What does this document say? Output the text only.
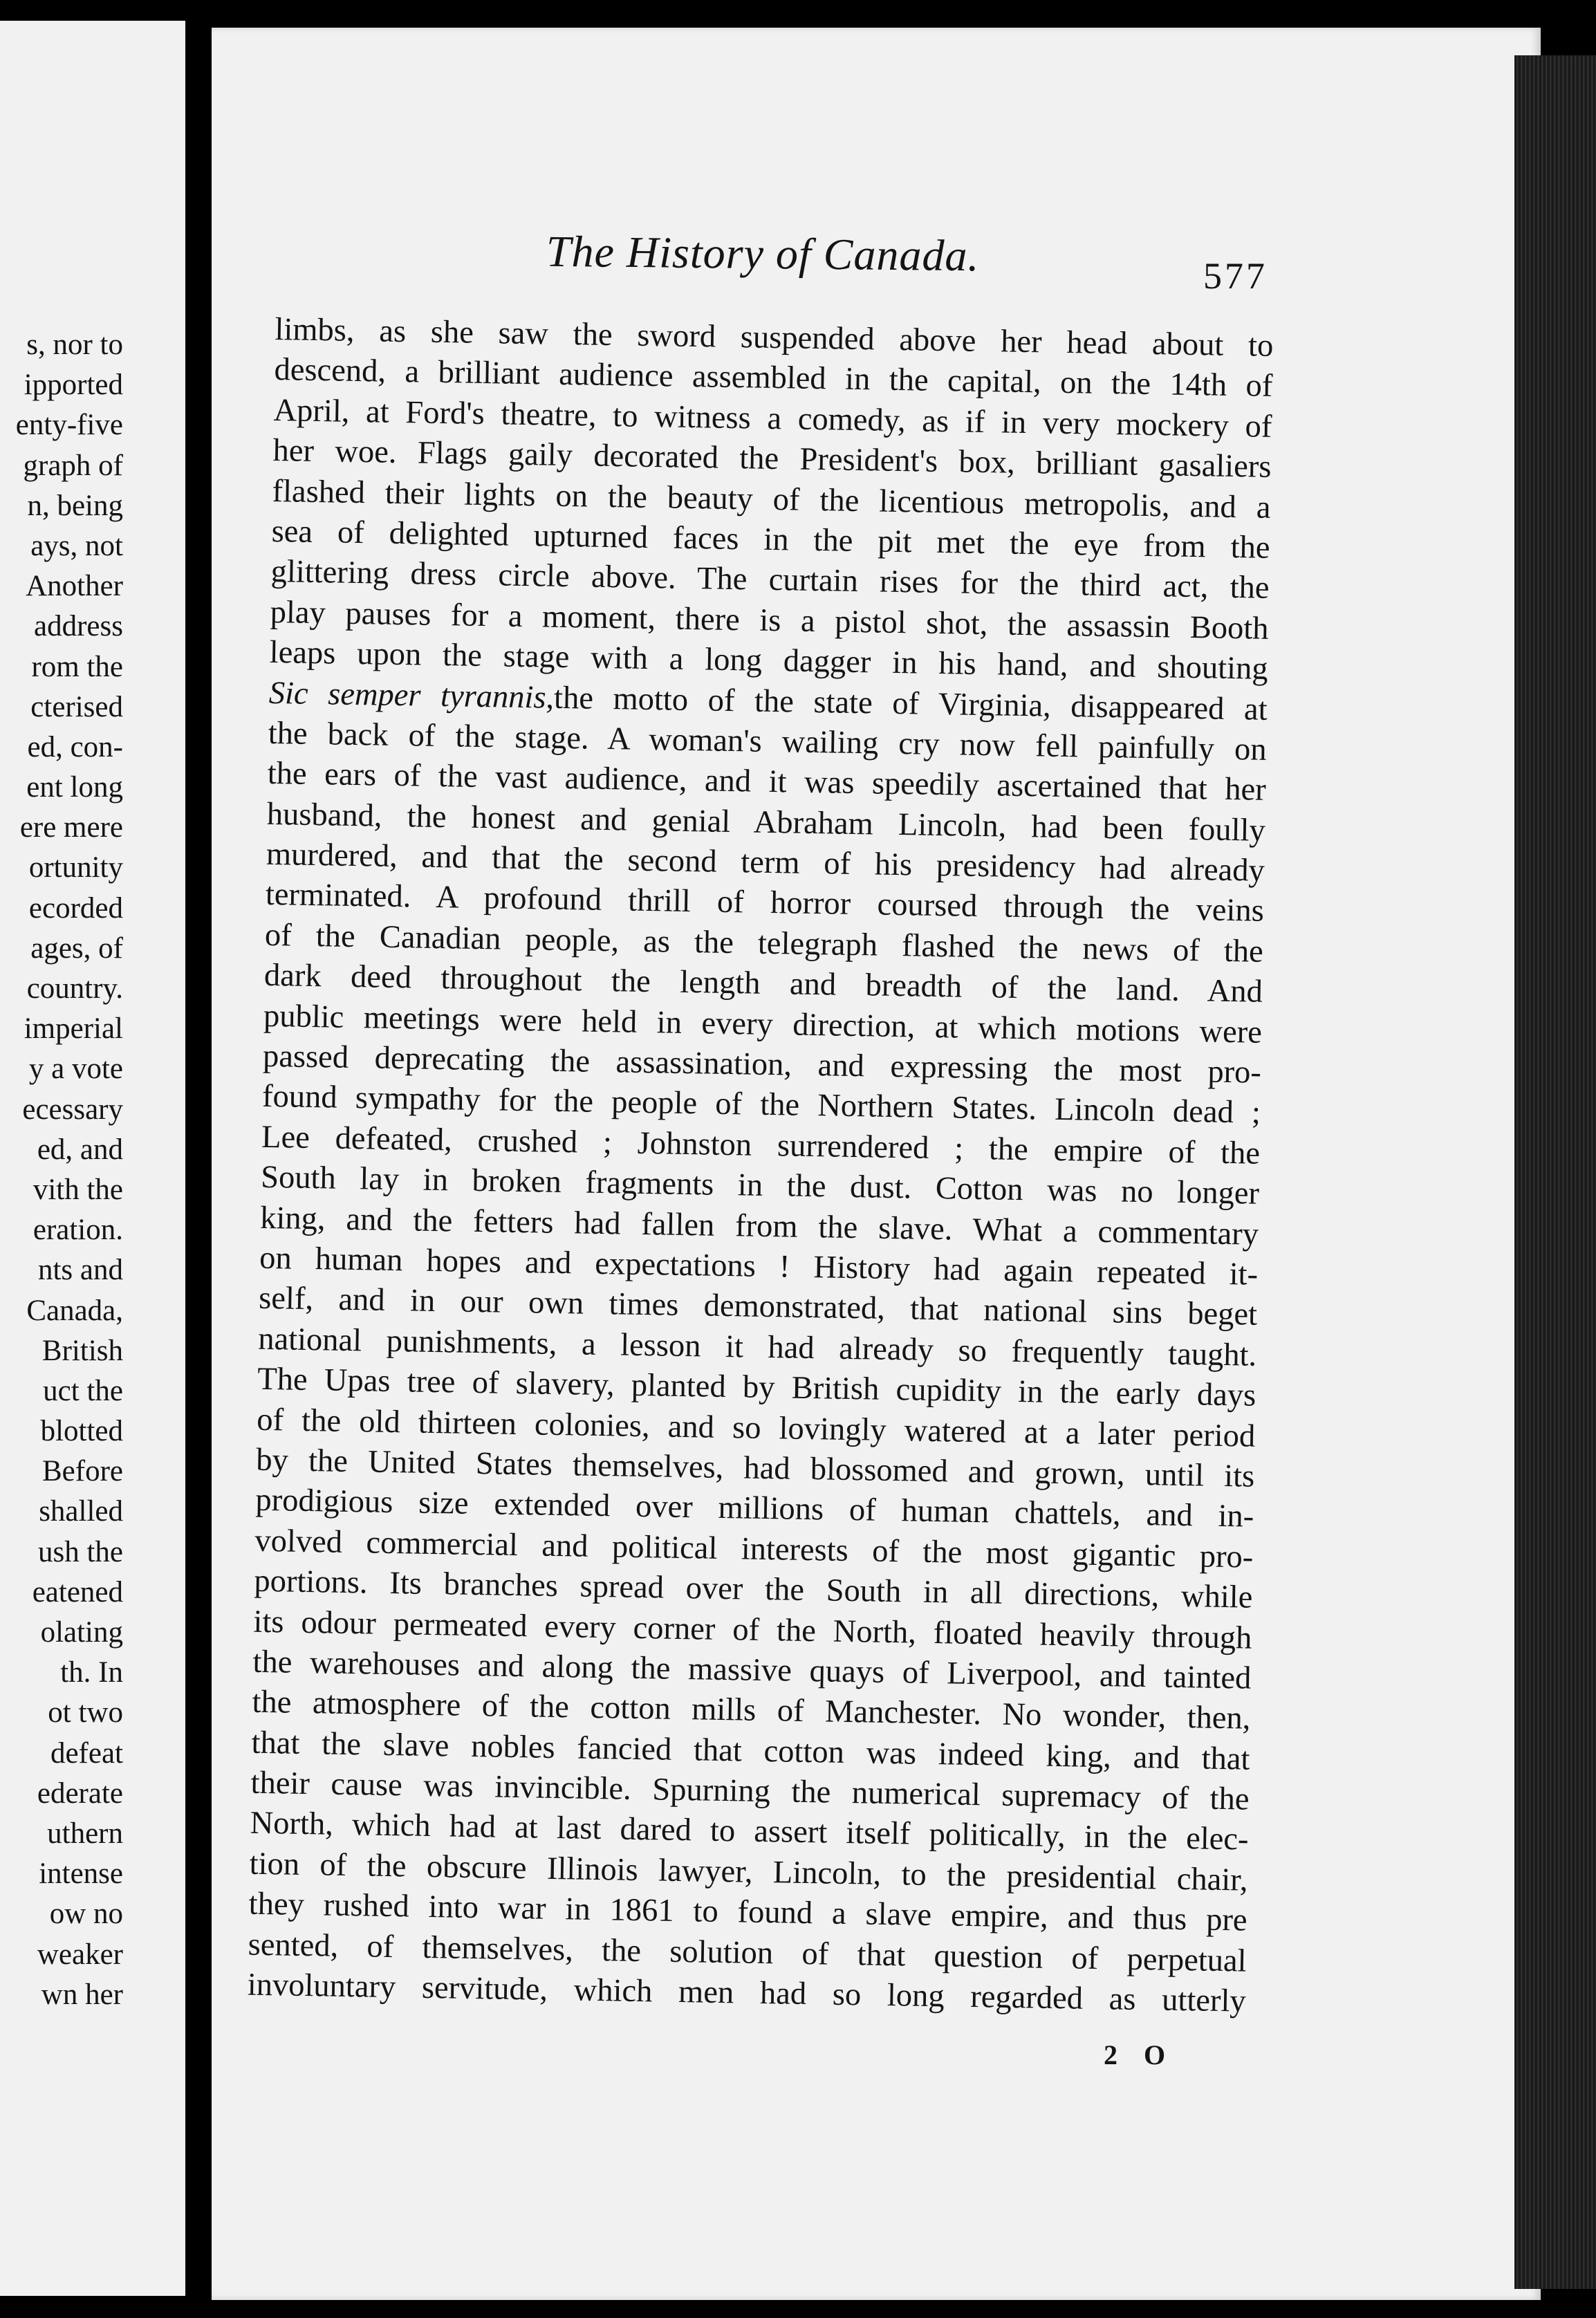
s, nor to
ipported
enty-five
graph of
n, being
ays, not
Another
address
rom the
cterised
ed, con-
ent long
ere mere
ortunity
ecorded
ages, of
country.
imperial
y a vote
ecessary
ed, and
vith the
eration.
nts and
Canada,
British
uct the
blotted
Before
shalled
ush the
eatened
olating
th. In
ot two
defeat
ederate
uthern
intense
ow no
weaker
wn her
The History of Canada.	577
limbs, as she saw the sword suspended above her head about to
descend, a brilliant audience assembled in the capital, on the 14th of
April, at Ford's theatre, to witness a comedy, as if in very mockery of
her woe. Flags gaily decorated the President's box, brilliant gasaliers
flashed their lights on the beauty of the licentious metropolis, and a
sea of delighted upturned faces in the pit met the eye from the
glittering dress circle above. The curtain rises for the third act, the
play pauses for a moment, there is a pistol shot, the assassin Booth
leaps upon the stage with a long dagger in his hand, and shouting
Sic semper tyrannis,the motto of the state of Virginia, disappeared at
the back of the stage. A woman's wailing cry now fell painfully on
the ears of the vast audience, and it was speedily ascertained that her
husband, the honest and genial Abraham Lincoln, had been foully
murdered, and that the second term of his presidency had already
terminated. A profound thrill of horror coursed through the veins
of the Canadian people, as the telegraph flashed the news of the
dark deed throughout the length and breadth of the land. And
public meetings were held in every direction, at which motions were
passed deprecating the assassination, and expressing the most pro-
found sympathy for the people of the Northern States. Lincoln dead ;
Lee defeated, crushed ; Johnston surrendered ; the empire of the
South lay in broken fragments in the dust. Cotton was no longer
king, and the fetters had fallen from the slave. What a commentary
on human hopes and expectations ! History had again repeated it-
self, and in our own times demonstrated, that national sins beget
national punishments, a lesson it had already so frequently taught.
The Upas tree of slavery, planted by British cupidity in the early days
of the old thirteen colonies, and so lovingly watered at a later period
by the United States themselves, had blossomed and grown, until its
prodigious size extended over millions of human chattels, and in-
volved commercial and political interests of the most gigantic pro-
portions. Its branches spread over the South in all directions, while
its odour permeated every corner of the North, floated heavily through
the warehouses and along the massive quays of Liverpool, and tainted
the atmosphere of the cotton mills of Manchester. No wonder, then,
that the slave nobles fancied that cotton was indeed king, and that
their cause was invincible. Spurning the numerical supremacy of the
North, which had at last dared to assert itself politically, in the elec-
tion of the obscure Illinois lawyer, Lincoln, to the presidential chair,
they rushed into war in 1861 to found a slave empire, and thus pre
sented, of themselves, the solution of that question of perpetual
involuntary servitude, which men had so long regarded as utterly
2 O
